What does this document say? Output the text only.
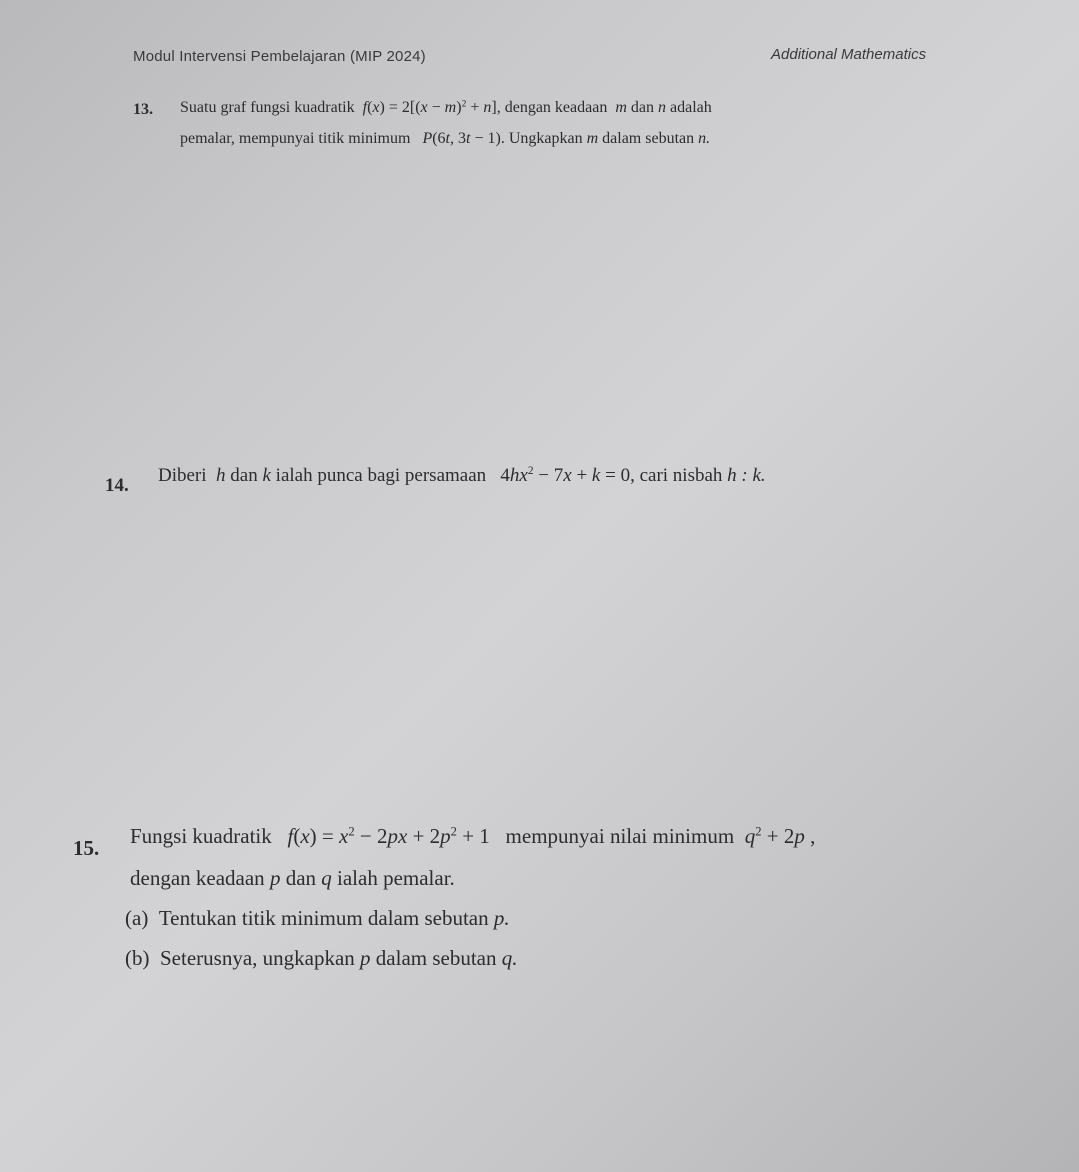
Modul Intervensi Pembelajaran (MIP 2024)	Additional Mathematics
13. Suatu graf fungsi kuadratik $f(x) = 2[(x - m)^2 + n]$, dengan keadaan m dan n adalah
pemalar, mempunyai titik minimum P(6t, 3t − 1). Ungkapkan m dalam sebutan n.
14. Diberi h dan k ialah punca bagi persamaan $4hx^2 - 7x + k = 0$, cari nisbah h : k.
15. Fungsi kuadratik $f(x) = x^2 - 2px + 2p^2 + 1$ mempunyai nilai minimum $q^2 + 2p$ ,
dengan keadaan p dan q ialah pemalar.
(a) Tentukan titik minimum dalam sebutan p.
(b) Seterusnya, ungkapkan p dalam sebutan q.
